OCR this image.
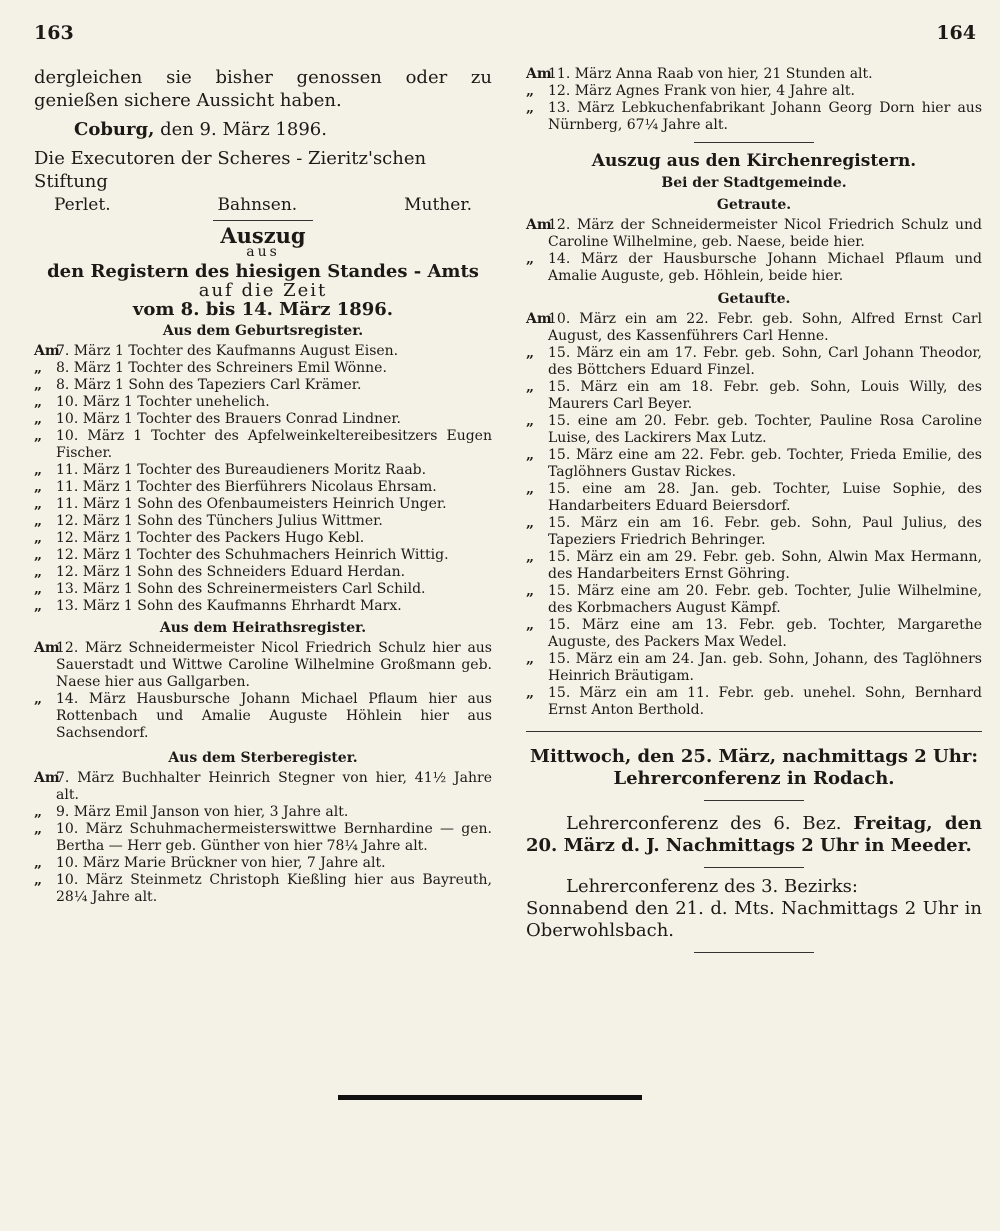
163	164
dergleichen sie bisher genossen oder zu genießen sichere Aussicht haben.
Coburg, den 9. März 1896.
Die Executoren der Scheres - Zieritz'schen Stiftung
Perlet.	Bahnsen.	Muther.
Auszug
aus
den Registern des hiesigen Standes - Amts
auf die Zeit
vom 8. bis 14. März 1896.
Aus dem Geburtsregister.
Am
7. März 1 Tochter des Kaufmanns August Eisen.
„ 8. März 1 Tochter des Schreiners Emil Wönne.
„ 8. März 1 Sohn des Tapeziers Carl Krämer.
„ 10. März 1 Tochter unehelich.
„ 10. März 1 Tochter des Brauers Conrad Lindner.
„ 10. März 1 Tochter des Apfelweinkeltereibesitzers Eugen Fischer.
„ 11. März 1 Tochter des Bureaudieners Moritz Raab.
„ 11. März 1 Tochter des Bierführers Nicolaus Ehrsam.
„ 11. März 1 Sohn des Ofenbaumeisters Heinrich Unger.
„ 12. März 1 Sohn des Tünchers Julius Wittmer.
„ 12. März 1 Tochter des Packers Hugo Kebl.
„ 12. März 1 Tochter des Schuhmachers Heinrich Wittig.
„ 12. März 1 Sohn des Schneiders Eduard Herdan.
„ 13. März 1 Sohn des Schreinermeisters Carl Schild.
„ 13. März 1 Sohn des Kaufmanns Ehrhardt Marx.
Aus dem Heirathsregister.
Am
12. März Schneidermeister Nicol Friedrich Schulz hier aus Sauerstadt und Wittwe Caroline Wilhelmine Großmann geb. Naese hier aus Gallgarben.
„ 14. März Hausbursche Johann Michael Pflaum hier aus Rottenbach und Amalie Auguste Höhlein hier aus Sachsendorf.
Aus dem Sterberegister.
Am
7. März Buchhalter Heinrich Stegner von hier, 41½ Jahre alt.
„ 9. März Emil Janson von hier, 3 Jahre alt.
„ 10. März Schuhmachermeisterswittwe Bernhardine — gen. Bertha — Herr geb. Günther von hier 78¼ Jahre alt.
„ 10. März Marie Brückner von hier, 7 Jahre alt.
„ 10. März Steinmetz Christoph Kießling hier aus Bayreuth, 28¼ Jahre alt.
Am
11. März Anna Raab von hier, 21 Stunden alt.
„ 12. März Agnes Frank von hier, 4 Jahre alt.
„ 13. März Lebkuchenfabrikant Johann Georg Dorn hier aus Nürnberg, 67¼ Jahre alt.
Auszug aus den Kirchenregistern.
Bei der Stadtgemeinde.
Getraute.
Am
12. März der Schneidermeister Nicol Friedrich Schulz und Caroline Wilhelmine, geb. Naese, beide hier.
„ 14. März der Hausbursche Johann Michael Pflaum und Amalie Auguste, geb. Höhlein, beide hier.
Getaufte.
Am
10. März ein am 22. Febr. geb. Sohn, Alfred Ernst Carl August, des Kassenführers Carl Henne.
„ 15. März ein am 17. Febr. geb. Sohn, Carl Johann Theodor, des Böttchers Eduard Finzel.
„ 15. März ein am 18. Febr. geb. Sohn, Louis Willy, des Maurers Carl Beyer.
„ 15. eine am 20. Febr. geb. Tochter, Pauline Rosa Caroline Luise, des Lackirers Max Lutz.
„ 15. März eine am 22. Febr. geb. Tochter, Frieda Emilie, des Taglöhners Gustav Rickes.
„ 15. eine am 28. Jan. geb. Tochter, Luise Sophie, des Handarbeiters Eduard Beiersdorf.
„ 15. März ein am 16. Febr. geb. Sohn, Paul Julius, des Tapeziers Friedrich Behringer.
„ 15. März ein am 29. Febr. geb. Sohn, Alwin Max Hermann, des Handarbeiters Ernst Göhring.
„ 15. März eine am 20. Febr. geb. Tochter, Julie Wilhelmine, des Korbmachers August Kämpf.
„ 15. März eine am 13. Febr. geb. Tochter, Margarethe Auguste, des Packers Max Wedel.
„ 15. März ein am 24. Jan. geb. Sohn, Johann, des Taglöhners Heinrich Bräutigam.
„ 15. März ein am 11. Febr. geb. unehel. Sohn, Bernhard Ernst Anton Berthold.
Mittwoch, den 25. März, nachmittags 2 Uhr: Lehrerconferenz in Rodach.
Lehrerconferenz des 6. Bez. Freitag, den 20. März d. J. Nachmittags 2 Uhr in Meeder.
Lehrerconferenz des 3. Bezirks:
Sonnabend den 21. d. Mts. Nachmittags 2 Uhr in Oberwohlsbach.
